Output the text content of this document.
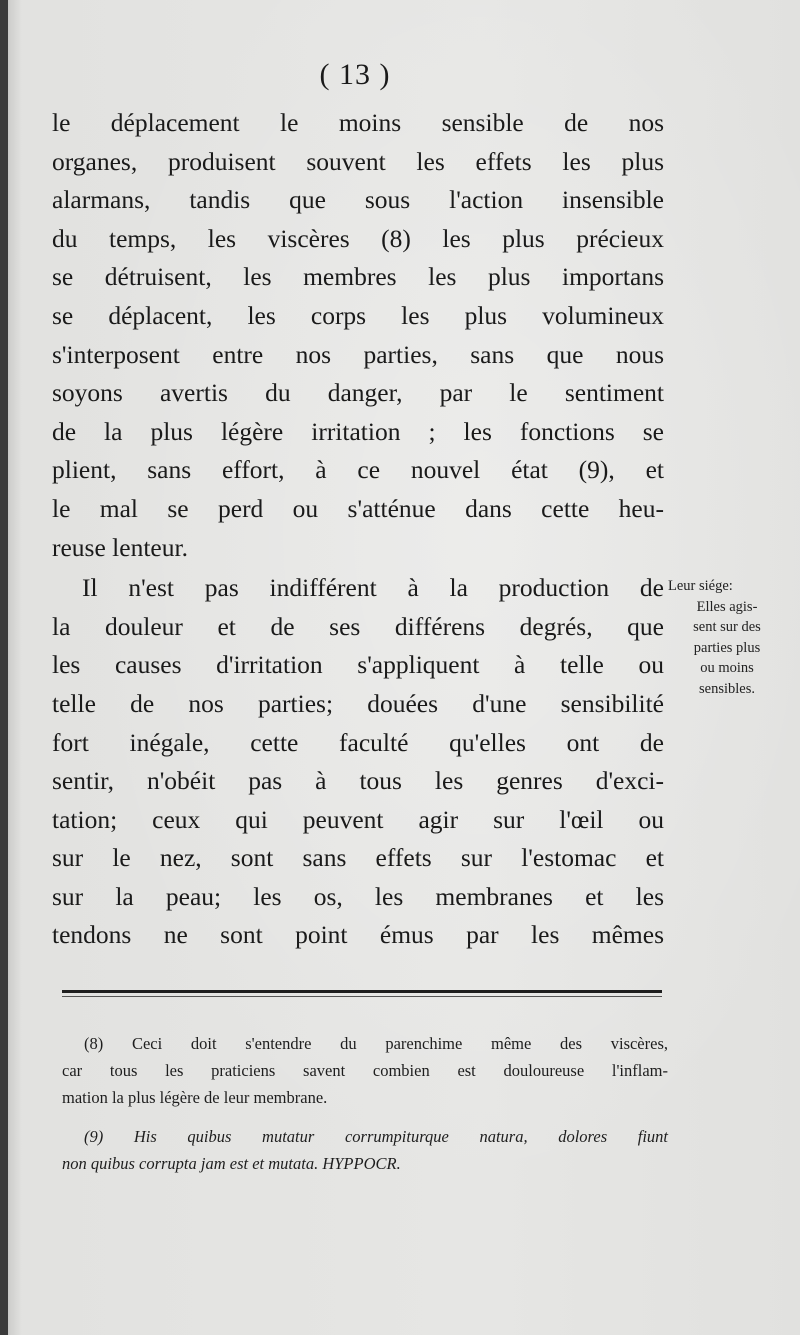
( 13 )
le déplacement le moins sensible de nos
organes, produisent souvent les effets les plus
alarmans, tandis que sous l'action insensible
du temps, les viscères (8) les plus précieux
se détruisent, les membres les plus importans
se déplacent, les corps les plus volumineux
s'interposent entre nos parties, sans que nous
soyons avertis du danger, par le sentiment
de la plus légère irritation ; les fonctions se
plient, sans effort, à ce nouvel état (9), et
le mal se perd ou s'atténue dans cette heu-
reuse lenteur.
Il n'est pas indifférent à la production de
la douleur et de ses différens degrés, que
les causes d'irritation s'appliquent à telle ou
telle de nos parties; douées d'une sensibilité
fort inégale, cette faculté qu'elles ont de
sentir, n'obéit pas à tous les genres d'exci-
tation; ceux qui peuvent agir sur l'œil ou
sur le nez, sont sans effets sur l'estomac et
sur la peau; les os, les membranes et les
tendons ne sont point émus par les mêmes
Leur siége:
Elles agis-
sent sur des
parties plus
ou moins
sensibles.
(8) Ceci doit s'entendre du parenchime même des viscères,
car tous les praticiens savent combien est douloureuse l'inflam-
mation la plus légère de leur membrane.
(9) His quibus mutatur corrumpiturque natura, dolores fiunt
non quibus corrupta jam est et mutata. HYPPOCR.
